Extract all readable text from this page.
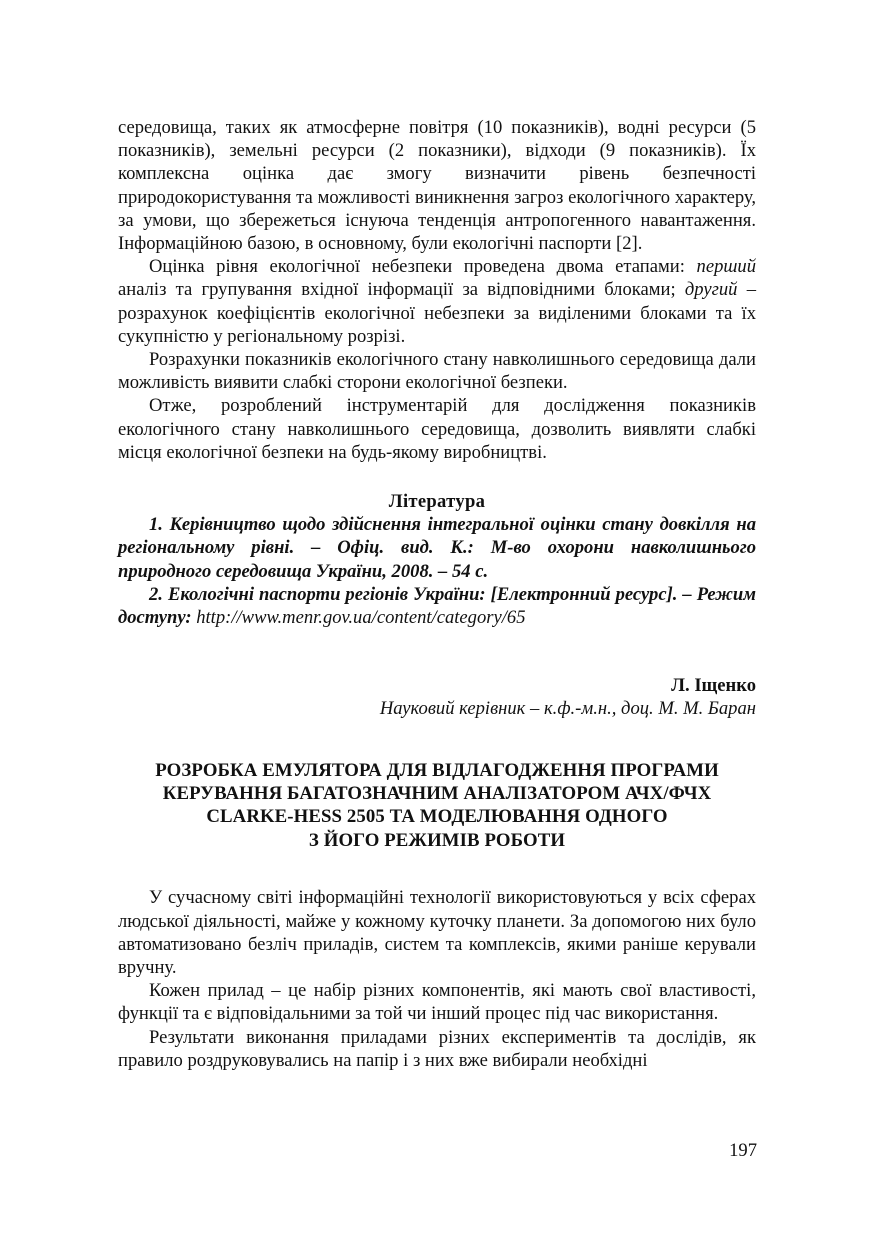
середовища, таких як атмосферне повітря (10 показників), водні ресурси (5 показників), земельні ресурси (2 показники), відходи (9 показників). Їх комплексна оцінка дає змогу визначити рівень безпечності природокористування та можливості виникнення загроз екологічного характеру, за умови, що збережеться існуюча тенденція антропогенного навантаження. Інформаційною базою, в основному, були екологічні паспорти [2].

Оцінка рівня екологічної небезпеки проведена двома етапами: перший аналіз та групування вхідної інформації за відповідними блоками; другий – розрахунок коефіцієнтів екологічної небезпеки за виділеними блоками та їх сукупністю у регіональному розрізі.

Розрахунки показників екологічного стану навколишнього середовища дали можливість виявити слабкі сторони екологічної безпеки.

Отже, розроблений інструментарій для дослідження показників екологічного стану навколишнього середовища, дозволить виявляти слабкі місця екологічної безпеки на будь-якому виробництві.

Література

1. Керівництво щодо здійснення інтегральної оцінки стану довкілля на регіональному рівні. – Офіц. вид. К.: М-во охорони навколишнього природного середовища України, 2008. – 54 с.

2. Екологічні паспорти регіонів України: [Електронний ресурс]. – Режим доступу: http://www.menr.gov.ua/content/category/65

Л. Іщенко

Науковий керівник – к.ф.-м.н., доц. М. М. Баран

РОЗРОБКА ЕМУЛЯТОРА ДЛЯ ВІДЛАГОДЖЕННЯ ПРОГРАМИ

КЕРУВАННЯ БАГАТОЗНАЧНИМ АНАЛІЗАТОРОМ АЧХ/ФЧХ

CLARKE-HESS 2505 ТА МОДЕЛЮВАННЯ ОДНОГО

З ЙОГО РЕЖИМІВ РОБОТИ

У сучасному світі інформаційні технології використовуються у всіх сферах людської діяльності, майже у кожному куточку планети. За допомогою них було автоматизовано безліч приладів, систем та комплексів, якими раніше керували вручну.

Кожен прилад – це набір різних компонентів, які мають свої властивості, функції та є відповідальними за той чи інший процес під час використання.

Результати виконання приладами різних експериментів та дослідів, як правило роздруковувались на папір і з них вже вибирали необхідні

197
